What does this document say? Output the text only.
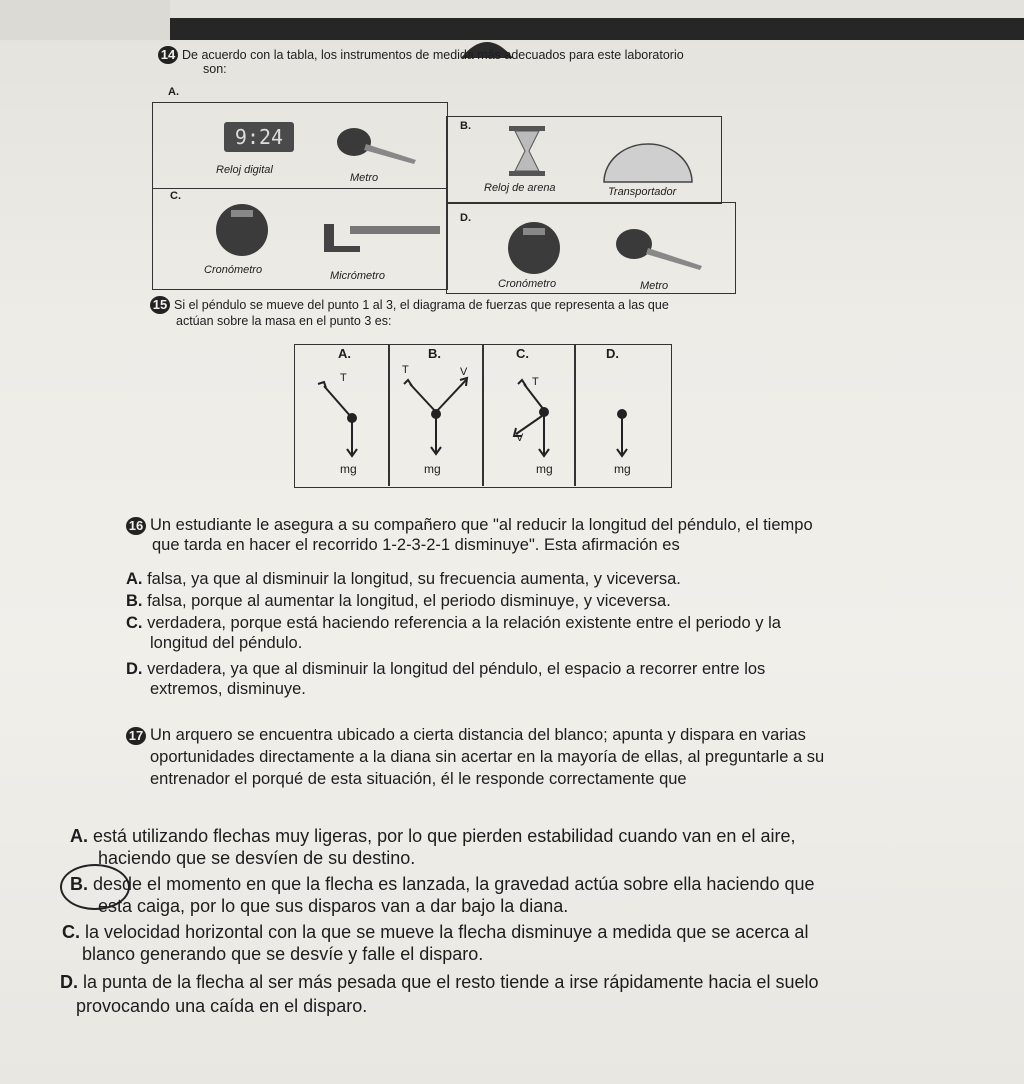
14 De acuerdo con la tabla, los instrumentos de medida más adecuados para este laboratorio
son:
A.
9:24
Reloj digital
Metro
B.
Reloj de arena	Transportador
C.
Cronómetro	Micrómetro
D.
Cronómetro	Metro
15 Si el péndulo se mueve del punto 1 al 3, el diagrama de fuerzas que representa a las que
actúan sobre la masa en el punto 3 es:
A.
T
mg
B.
T	V
mg
C.
T
V
mg
D.
mg
16 Un estudiante le asegura a su compañero que "al reducir la longitud del péndulo, el tiempo
que tarda en hacer el recorrido 1-2-3-2-1 disminuye". Esta afirmación es
A. falsa, ya que al disminuir la longitud, su frecuencia aumenta, y viceversa.
B. falsa, porque al aumentar la longitud, el periodo disminuye, y viceversa.
C. verdadera, porque está haciendo referencia a la relación existente entre el periodo y la
longitud del péndulo.
D. verdadera, ya que al disminuir la longitud del péndulo, el espacio a recorrer entre los
extremos, disminuye.
17 Un arquero se encuentra ubicado a cierta distancia del blanco; apunta y dispara en varias
oportunidades directamente a la diana sin acertar en la mayoría de ellas, al preguntarle a su
entrenador el porqué de esta situación, él le responde correctamente que
A. está utilizando flechas muy ligeras, por lo que pierden estabilidad cuando van en el aire,
haciendo que se desvíen de su destino.
B. desde el momento en que la flecha es lanzada, la gravedad actúa sobre ella haciendo que
esta caiga, por lo que sus disparos van a dar bajo la diana.
C. la velocidad horizontal con la que se mueve la flecha disminuye a medida que se acerca al
blanco generando que se desvíe y falle el disparo.
D. la punta de la flecha al ser más pesada que el resto tiende a irse rápidamente hacia el suelo
provocando una caída en el disparo.
